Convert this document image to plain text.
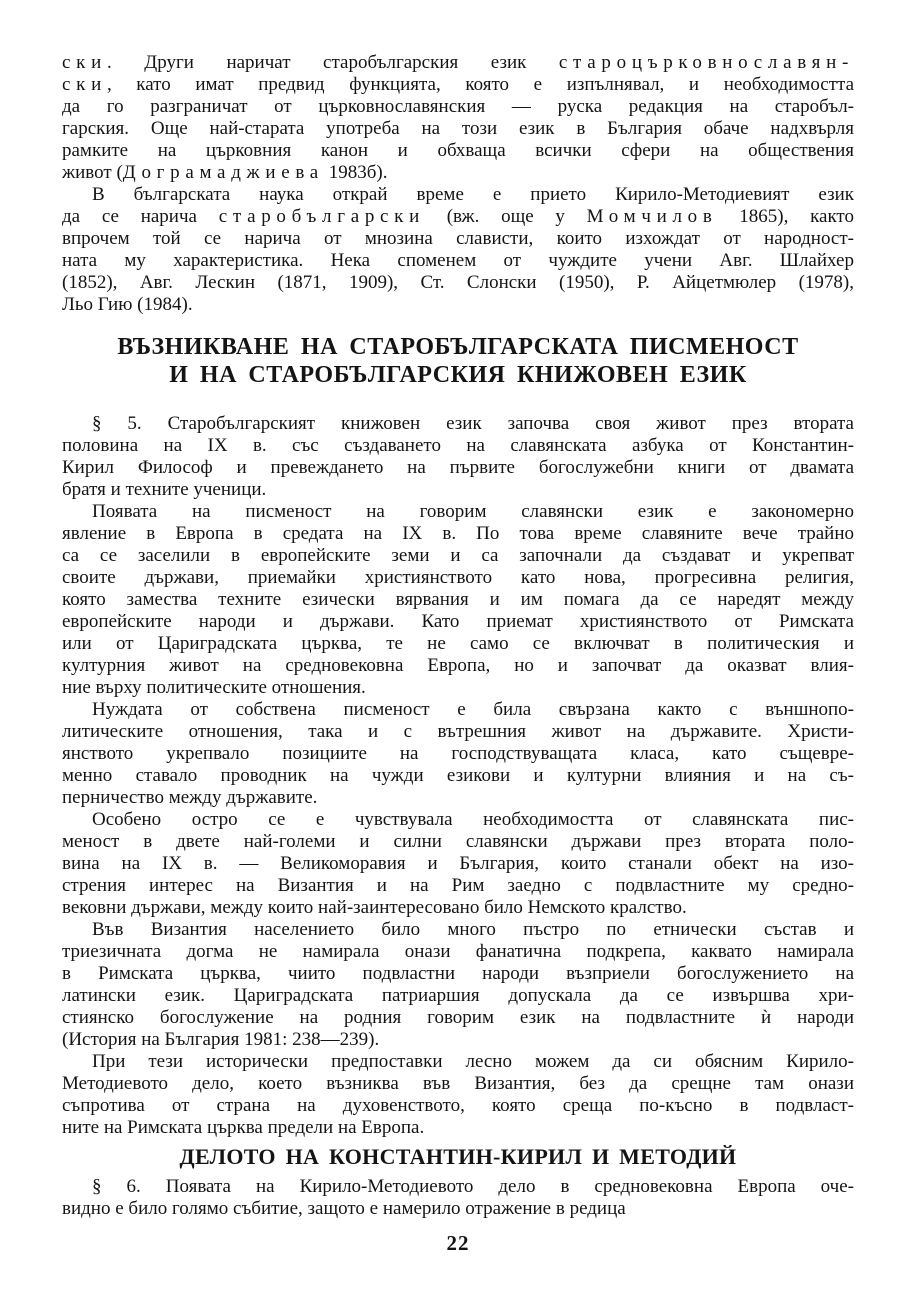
ски. Други наричат старобългарския език староцърковнославян-
ски, като имат предвид функцията, която е изпълнявал, и необходимостта
да го разграничат от църковнославянския — руска редакция на старобъл-
гарския. Още най-старата употреба на този език в България обаче надхвърля
рамките на църковния канон и обхваща всички сфери на обществения
живот (Дограмаджиева 1983б).
В българската наука открай време е прието Кирило-Методиевият език
да се нарича старобългарски (вж. още у Момчилов 1865), както
впрочем той се нарича от мнозина слависти, които изхождат от народност-
ната му характеристика. Нека споменем от чуждите учени Авг. Шлайхер
(1852), Авг. Лескин (1871, 1909), Ст. Слонски (1950), Р. Айцетмюлер (1978),
Льо Гию (1984).
ВЪЗНИКВАНЕ НА СТАРОБЪЛГАРСКАТА ПИСМЕНОСТ
И НА СТАРОБЪЛГАРСКИЯ КНИЖОВЕН ЕЗИК
§ 5. Старобългарският книжовен език започва своя живот през втората
половина на IX в. със създаването на славянската азбука от Константин-
Кирил Философ и превеждането на първите богослужебни книги от двамата
братя и техните ученици.
Появата на писменост на говорим славянски език е закономерно
явление в Европа в средата на IX в. По това време славяните вече трайно
са се заселили в европейските земи и са започнали да създават и укрепват
своите държави, приемайки християнството като нова, прогресивна религия,
която замества техните езически вярвания и им помага да се наредят между
европейските народи и държави. Като приемат християнството от Римската
или от Цариградската църква, те не само се включват в политическия и
културния живот на средновековна Европа, но и започват да оказват влия-
ние върху политическите отношения.
Нуждата от собствена писменост е била свързана както с външнопо-
литическите отношения, така и с вътрешния живот на държавите. Христи-
янството укрепвало позициите на господствуващата класа, като същевре-
менно ставало проводник на чужди езикови и културни влияния и на съ-
перничество между държавите.
Особено остро се е чувствувала необходимостта от славянската пис-
меност в двете най-големи и силни славянски държави през втората поло-
вина на IX в. — Великоморавия и България, които станали обект на изо-
стрения интерес на Византия и на Рим заедно с подвластните му средно-
вековни държави, между които най-заинтересовано било Немското кралство.
Във Византия населението било много пъстро по етнически състав и
триезичната догма не намирала онази фанатична подкрепа, каквато намирала
в Римската църква, чиито подвластни народи възприели богослужението на
латински език. Цариградската патриаршия допускала да се извършва хри-
стиянско богослужение на родния говорим език на подвластните ѝ народи
(История на България 1981: 238—239).
При тези исторически предпоставки лесно можем да си обясним Кирило-
Методиевото дело, което възниква във Византия, без да срещне там онази
съпротива от страна на духовенството, която среща по-късно в подвласт-
ните на Римската църква предели на Европа.
ДЕЛОТО НА КОНСТАНТИН-КИРИЛ И МЕТОДИЙ
§ 6. Появата на Кирило-Методиевото дело в средновековна Европа оче-
видно е било голямо събитие, защото е намерило отражение в редица
22
